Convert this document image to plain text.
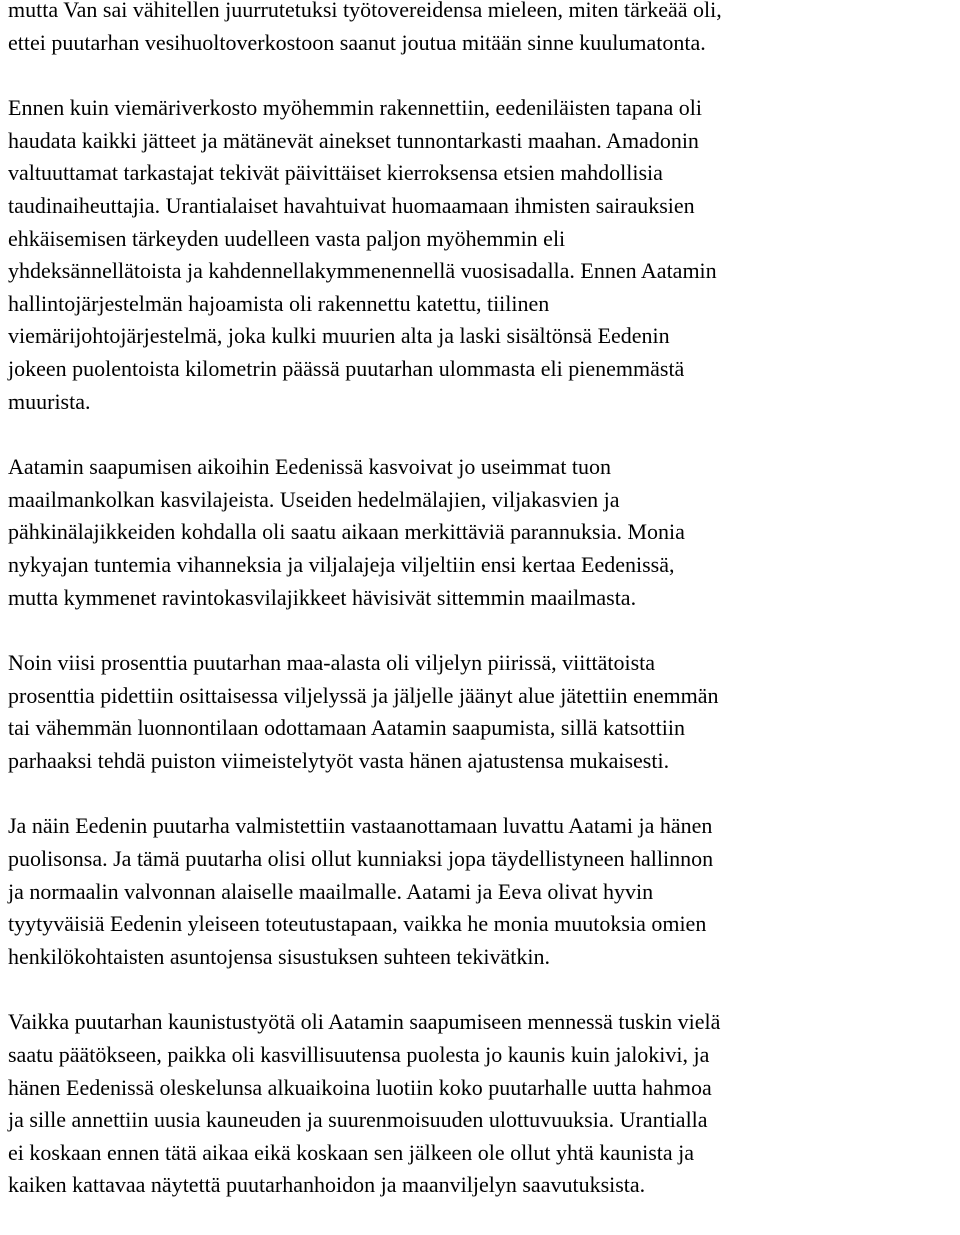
mutta Van sai vähitellen juurrutetuksi työtovereidensa mieleen, miten tärkeää oli,
ettei puutarhan vesihuoltoverkostoon saanut joutua mitään sinne kuulumatonta.

Ennen kuin viemäriverkosto myöhemmin rakennettiin, eedeniläisten tapana oli
haudata kaikki jätteet ja mätänevät ainekset tunnontarkasti maahan. Amadonin
valtuuttamat tarkastajat tekivät päivittäiset kierroksensa etsien mahdollisia
taudinaiheuttajia. Urantialaiset havahtuivat huomaamaan ihmisten sairauksien
ehkäisemisen tärkeyden uudelleen vasta paljon myöhemmin eli
yhdeksännellätoista ja kahdennellakymmenennellä vuosisadalla. Ennen Aatamin
hallintojärjestelmän hajoamista oli rakennettu katettu, tiilinen
viemärijohtojärjestelmä, joka kulki muurien alta ja laski sisältönsä Eedenin
jokeen puolentoista kilometrin päässä puutarhan ulommasta eli pienemmästä
muurista.

Aatamin saapumisen aikoihin Eedenissä kasvoivat jo useimmat tuon
maailmankolkan kasvilajeista. Useiden hedelmälajien, viljakasvien ja
pähkinälajikkeiden kohdalla oli saatu aikaan merkittäviä parannuksia. Monia
nykyajan tuntemia vihanneksia ja viljalajeja viljeltiin ensi kertaa Eedenissä,
mutta kymmenet ravintokasvilajikkeet hävisivät sittemmin maailmasta.

Noin viisi prosenttia puutarhan maa-alasta oli viljelyn piirissä, viittätoista
prosenttia pidettiin osittaisessa viljelyssä ja jäljelle jäänyt alue jätettiin enemmän
tai vähemmän luonnontilaan odottamaan Aatamin saapumista, sillä katsottiin
parhaaksi tehdä puiston viimeistelytyöt vasta hänen ajatustensa mukaisesti.

Ja näin Eedenin puutarha valmistettiin vastaanottamaan luvattu Aatami ja hänen
puolisonsa. Ja tämä puutarha olisi ollut kunniaksi jopa täydellistyneen hallinnon
ja normaalin valvonnan alaiselle maailmalle. Aatami ja Eeva olivat hyvin
tyytyväisiä Eedenin yleiseen toteutustapaan, vaikka he monia muutoksia omien
henkilökohtaisten asuntojensa sisustuksen suhteen tekivätkin.

Vaikka puutarhan kaunistustyötä oli Aatamin saapumiseen mennessä tuskin vielä
saatu päätökseen, paikka oli kasvillisuutensa puolesta jo kaunis kuin jalokivi, ja
hänen Eedenissä oleskelunsa alkuaikoina luotiin koko puutarhalle uutta hahmoa
ja sille annettiin uusia kauneuden ja suurenmoisuuden ulottuvuuksia. Urantialla
ei koskaan ennen tätä aikaa eikä koskaan sen jälkeen ole ollut yhtä kaunista ja
kaiken kattavaa näytettä puutarhanhoidon ja maanviljelyn saavutuksista.
